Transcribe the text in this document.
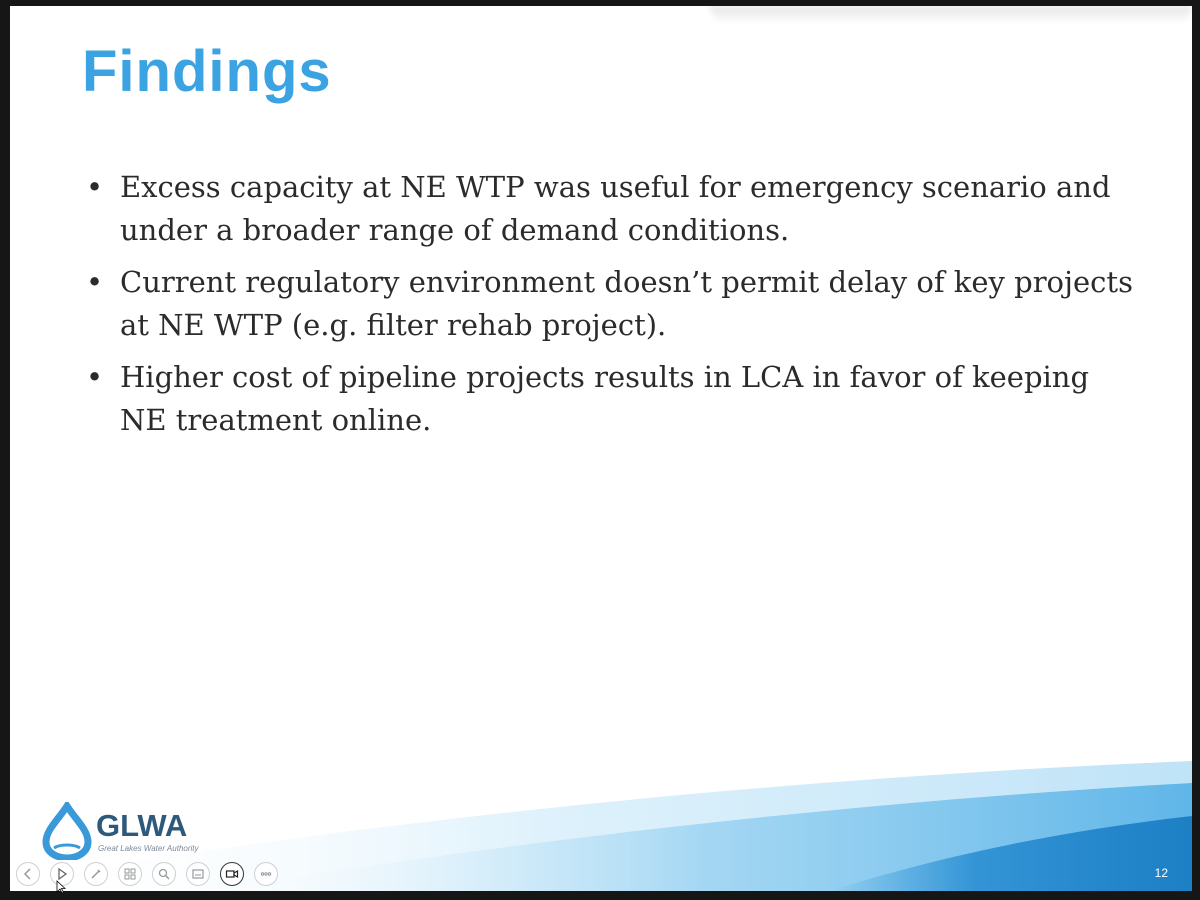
Findings
• Excess capacity at NE WTP was useful for emergency scenario and under a broader range of demand conditions.
• Current regulatory environment doesn’t permit delay of key projects at NE WTP (e.g. filter rehab project).
• Higher cost of pipeline projects results in LCA in favor of keeping NE treatment online.
GLWA
Great Lakes Water Authority
12
